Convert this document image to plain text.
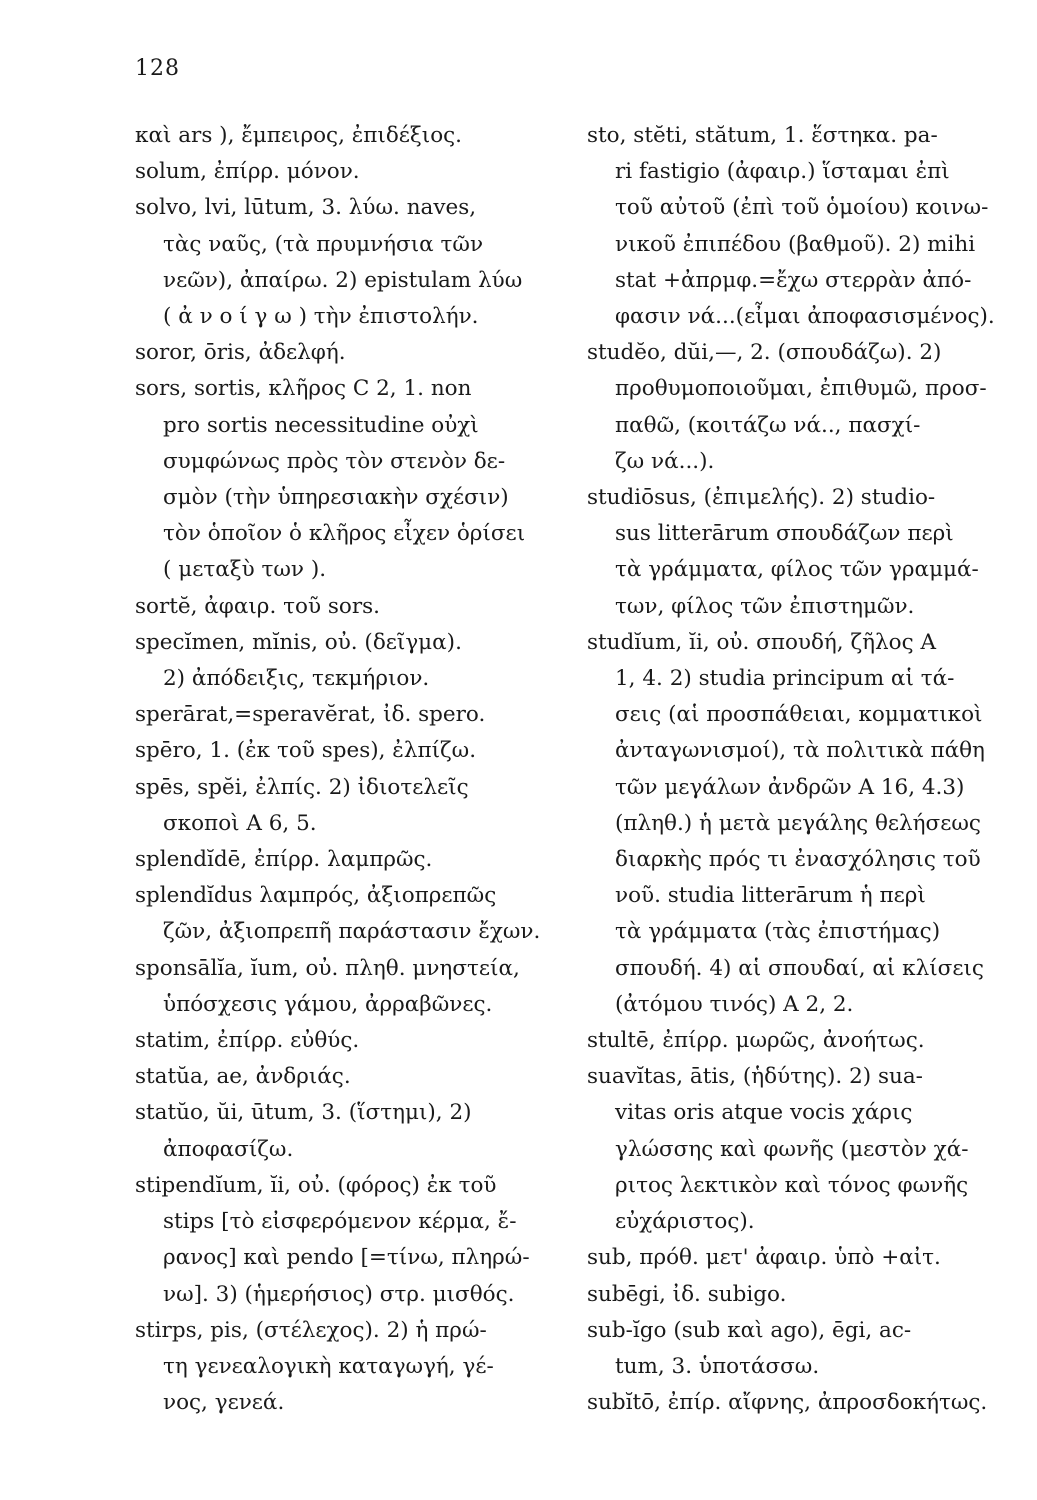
128
καὶ ars ), ἔμπειρος, ἐπιδέξιος.
solum, ἐπίρρ. μόνον.
solvo, lvi, lūtum, 3. λύω. naves,
τὰς ναῦς, (τὰ πρυμνήσια τῶν
νεῶν), ἀπαίρω. 2) epistulam λύω
( ἀ ν ο ί γ ω ) τὴν ἐπιστολήν.
soror, ōris, ἀδελφή.
sors, sortis, κλῆρος C 2, 1. non
pro sortis necessitudine οὐχὶ
συμφώνως πρὸς τὸν στενὸν δε-
σμὸν (τὴν ὑπηρεσιακὴν σχέσιν)
τὸν ὁποῖον ὁ κλῆρος εἶχεν ὁρίσει
( μεταξὺ των ).
sortĕ, ἀφαιρ. τοῦ sors.
specĭmen, mĭnis, οὐ. (δεῖγμα).
2) ἀπόδειξις, τεκμήριον.
sperārat,=speravĕrat, ἰδ. spero.
spēro, 1. (ἐκ τοῦ spes), ἐλπίζω.
spēs, spĕi, ἐλπίς. 2) ἰδιοτελεῖς
σκοποὶ A 6, 5.
splendĭdē, ἐπίρρ. λαμπρῶς.
splendĭdus λαμπρός, ἀξιοπρεπῶς
ζῶν, ἀξιοπρεπῆ παράστασιν ἔχων.
sponsālĭa, ĭum, οὐ. πληθ. μνηστεία,
ὑπόσχεσις γάμου, ἀρραβῶνες.
statim, ἐπίρρ. εὐθύς.
statŭa, ae, ἀνδριάς.
statŭo, ŭi, ūtum, 3. (ἵστημι), 2)
ἀποφασίζω.
stipendĭum, ĭi, οὐ. (φόρος) ἐκ τοῦ
stips [τὸ εἰσφερόμενον κέρμα, ἔ-
ρανος] καὶ pendo [=τίνω, πληρώ-
νω]. 3) (ἡμερήσιος) στρ. μισθός.
stirps, pis, (στέλεχος). 2) ἡ πρώ-
τη γενεαλογικὴ καταγωγή, γέ-
νος, γενεά.
sto, stĕti, stătum, 1. ἕστηκα. pa-
ri fastigio (ἀφαιρ.) ἵσταμαι ἐπὶ
τοῦ αὐτοῦ (ἐπὶ τοῦ ὁμοίου) κοινω-
νικοῦ ἐπιπέδου (βαθμοῦ). 2) mihi
stat +ἀπρμφ.=ἔχω στερρὰν ἀπό-
φασιν νά...(εἶμαι ἀποφασισμένος).
studĕo, dŭi,—, 2. (σπουδάζω). 2)
προθυμοποιοῦμαι, ἐπιθυμῶ, προσ-
παθῶ, (κοιτάζω νά.., πασχί-
ζω νά...).
studiōsus, (ἐπιμελής). 2) studio-
sus litterārum σπουδάζων περὶ
τὰ γράμματα, φίλος τῶν γραμμά-
των, φίλος τῶν ἐπιστημῶν.
studĭum, ĭi, οὐ. σπουδή, ζῆλος A
1, 4. 2) studia principum αἱ τά-
σεις (αἱ προσπάθειαι, κομματικοὶ
ἀνταγωνισμοί), τὰ πολιτικὰ πάθη
τῶν μεγάλων ἀνδρῶν A 16, 4.3)
(πληθ.) ἡ μετὰ μεγάλης θελήσεως
διαρκὴς πρός τι ἐνασχόλησις τοῦ
νοῦ. studia litterārum ἡ περὶ
τὰ γράμματα (τὰς ἐπιστήμας)
σπουδή. 4) αἱ σπουδαί, αἱ κλίσεις
(ἀτόμου τινός) A 2, 2.
stultē, ἐπίρρ. μωρῶς, ἀνοήτως.
suavĭtas, ātis, (ἡδύτης). 2) sua-
vitas oris atque vocis χάρις
γλώσσης καὶ φωνῆς (μεστὸν χά-
ριτος λεκτικὸν καὶ τόνος φωνῆς
εὐχάριστος).
sub, πρόθ. μετ' ἀφαιρ. ὑπὸ +αἰτ.
subēgi, ἰδ. subigo.
sub-ĭgo (sub καὶ ago), ēgi, ac-
tum, 3. ὑποτάσσω.
subĭtō, ἐπίρ. αἴφνης, ἀπροσδοκήτως.
